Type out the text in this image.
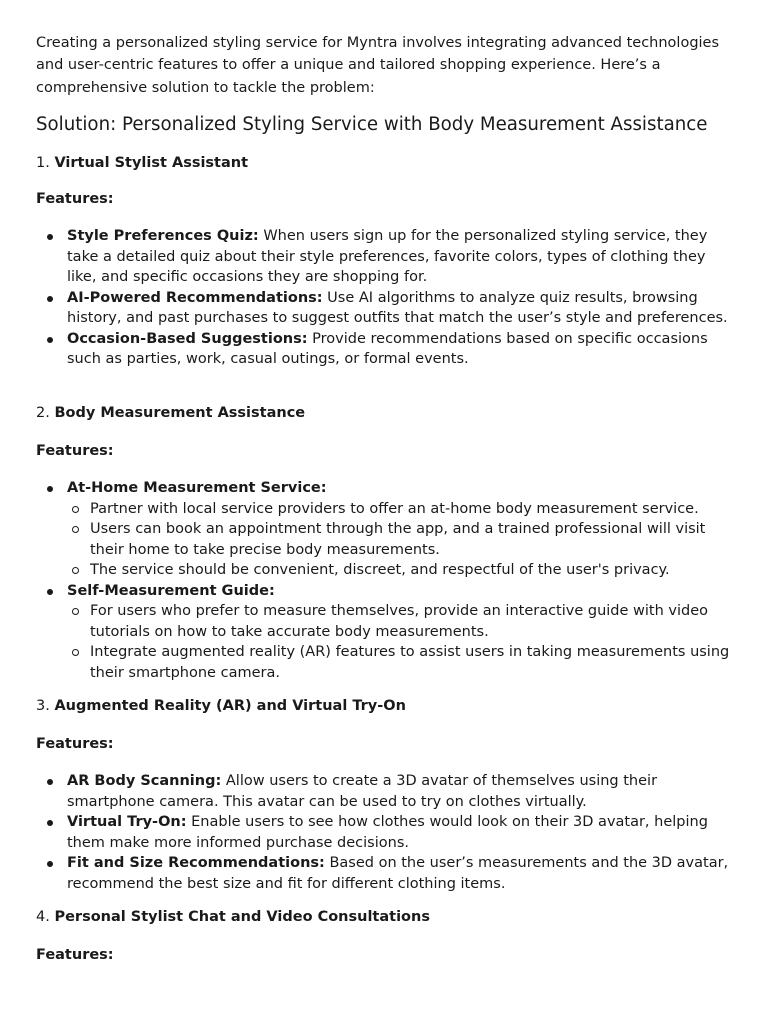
Creating a personalized styling service for Myntra involves integrating advanced technologies and user-centric features to offer a unique and tailored shopping experience. Here’s a comprehensive solution to tackle the problem:

Solution: Personalized Styling Service with Body Measurement Assistance

1. Virtual Stylist Assistant

Features:

Style Preferences Quiz: When users sign up for the personalized styling service, they take a detailed quiz about their style preferences, favorite colors, types of clothing they like, and specific occasions they are shopping for.
AI-Powered Recommendations: Use AI algorithms to analyze quiz results, browsing history, and past purchases to suggest outfits that match the user’s style and preferences.
Occasion-Based Suggestions: Provide recommendations based on specific occasions such as parties, work, casual outings, or formal events.

2. Body Measurement Assistance

Features:

At-Home Measurement Service:
Partner with local service providers to offer an at-home body measurement service.
Users can book an appointment through the app, and a trained professional will visit their home to take precise body measurements.
The service should be convenient, discreet, and respectful of the user's privacy.
Self-Measurement Guide:
For users who prefer to measure themselves, provide an interactive guide with video tutorials on how to take accurate body measurements.
Integrate augmented reality (AR) features to assist users in taking measurements using their smartphone camera.

3. Augmented Reality (AR) and Virtual Try-On

Features:

AR Body Scanning: Allow users to create a 3D avatar of themselves using their smartphone camera. This avatar can be used to try on clothes virtually.
Virtual Try-On: Enable users to see how clothes would look on their 3D avatar, helping them make more informed purchase decisions.
Fit and Size Recommendations: Based on the user’s measurements and the 3D avatar, recommend the best size and fit for different clothing items.

4. Personal Stylist Chat and Video Consultations

Features:
